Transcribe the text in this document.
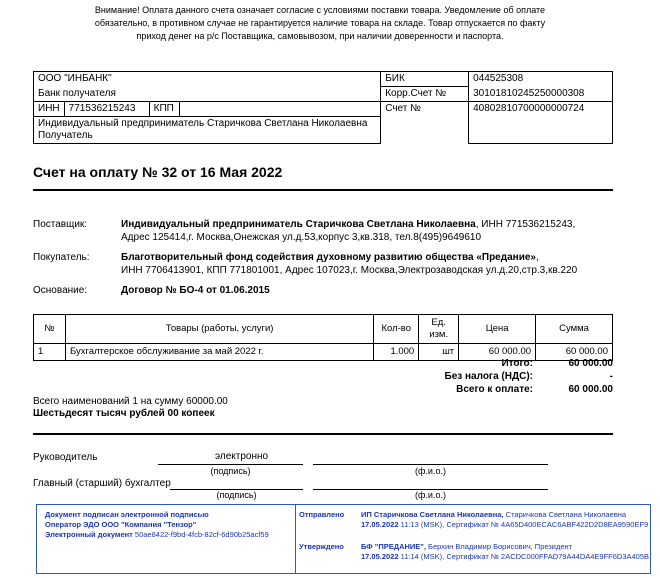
Внимание! Оплата данного счета означает согласие с условиями поставки товара. Уведомление об оплате
обязательно, в противном случае не гарантируется наличие товара на складе. Товар отпускается по факту
приход денег на р/с Поставщика, самовывозом, при наличии доверенности и паспорта.
ООО "ИНБАНК"	БИК	044525308
Банк получателя	Корр.Счет №	30101810245250000308

ИНН	771536215243	КПП	
		Счет №	40802810700000000724

Индивидуальный предприниматель Старичкова Светлана Николаевна
Получатель
Счет на оплату № 32 от 16 Мая 2022
Поставщик:	Индивидуальный предприниматель Старичкова Светлана Николаевна, ИНН 771536215243,
Адрес 125414,г. Москва,Онежская ул.д.53,корпус 3,кв.318, тел.8(495)9649610
Покупатель:	Благотворительный фонд содействия духовному развитию общества «Предание»,
ИНН 7706413901, КПП 771801001, Адрес 107023,г. Москва,Электрозаводская ул.д.20,стр.3,кв.220
Основание:	Договор № БО-4 от 01.06.2015
№	Товары (работы, услуги)	Кол-во	Ед. изм.	Цена	Сумма
1	Бухгалтерское обслуживание за май 2022 г.	1.000	шт	60 000.00	60 000.00
Итого:	60 000.00
Без налога (НДС):	-
Всего к оплате:	60 000.00
Всего наименований 1 на сумму 60000.00
Шестьдесят тысяч рублей 00 копеек
Руководитель	электронно
(подпись)	(ф.и.о.)
Главный (старший) бухгалтер
(подпись)	(ф.и.о.)
Документ подписан электронной подписью
Оператор ЭДО ООО "Компания "Тензор"
Электронный документ 50ae8422-f9bd-4fcb-82cf-6d90b25acf59
Отправлено	ИП Старичкова Светлана Николаевна, Старичкова Светлана Николаевна
17.05.2022 11:13 (MSK), Сертификат № 4A65D400ECAC6ABF422D2D8EA9590EF9
Утверждено	БФ "ПРЕДАНИЕ", Берхин Владимир Борисович, Президент
17.05.2022 11:14 (MSK), Сертификат № 2ACDC000FFAD79A44DA4E9FF6D3A405B
